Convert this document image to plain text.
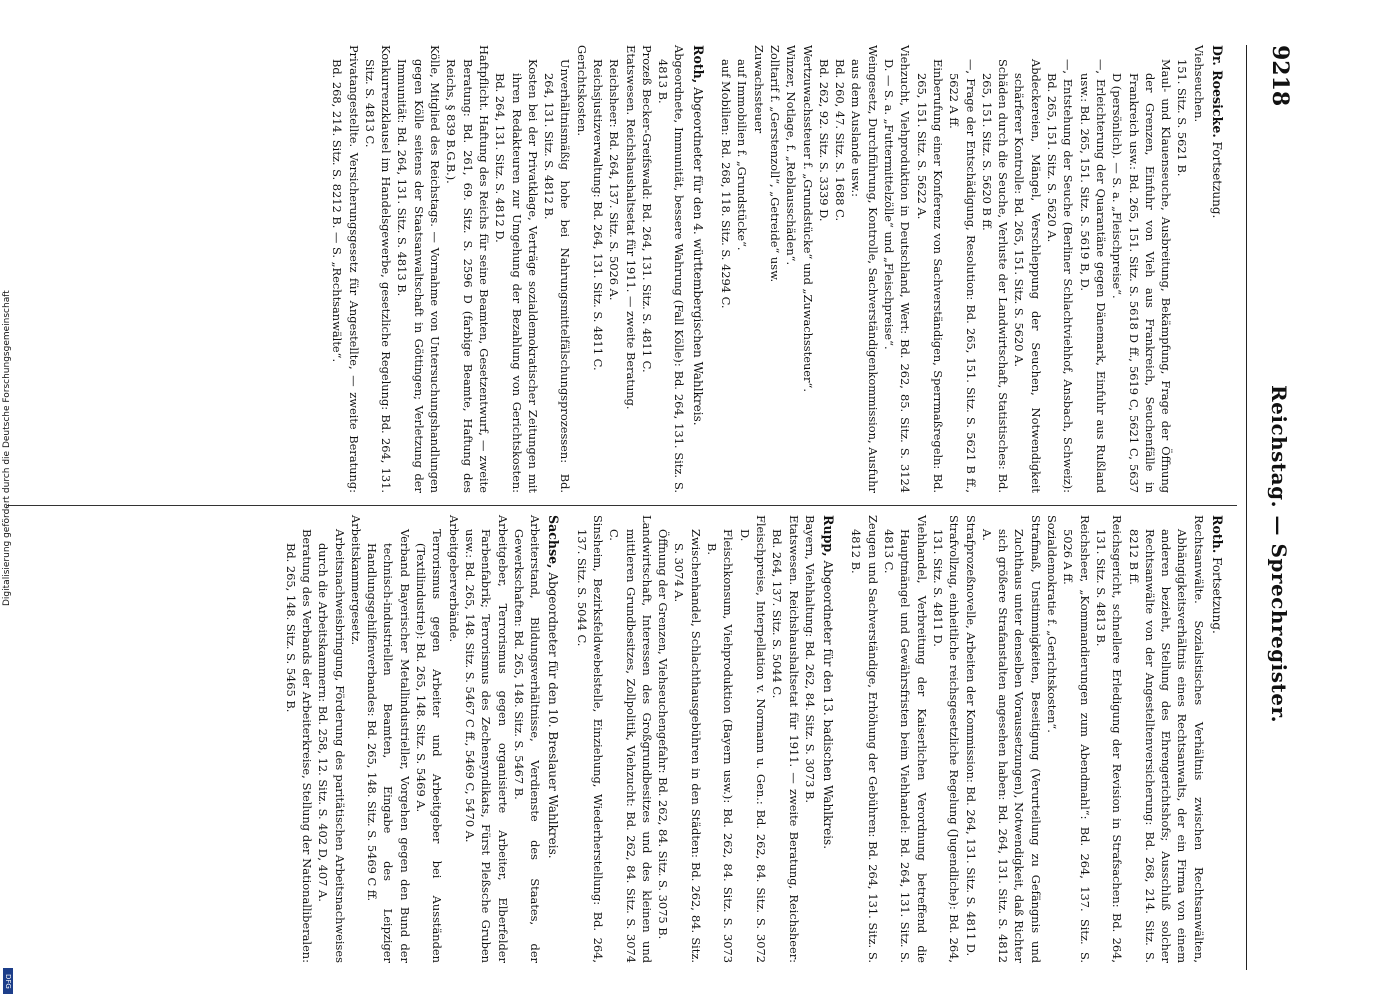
9218
Reichstag. — Sprechregister.

Dr. Roesicke. Fortsetzung.

Viehseuchen.

151. Sitz. S. 5621 B.

Maul- und Klauenseuche, Ausbreitung, Bekämpfung, Frage der Öffnung der Grenzen, Einfuhr von Vieh aus Frankreich, Seuchenfälle in Frankreich usw.: Bd. 265, 151. Sitz. S. 5618 D ff., 5619 C, 5621 C, 5637 D (persönlich). — S. a. „Fleischpreise“.

—, Erleichterung der Quarantäne gegen Dänemark, Einfuhr aus Rußland usw.: Bd. 265, 151. Sitz. S. 5619 B, D.

—, Entstehung der Seuche (Berliner Schlachtviehhof, Ansbach, Schweiz): Bd. 265, 151. Sitz. S. 5620 A.

Abdeckereien, Mängel, Verschleppung der Seuchen, Notwendigkeit schärferer Kontrolle: Bd. 265, 151. Sitz. S. 5620 A.

Schäden durch die Seuche, Verluste der Landwirtschaft, Statistisches: Bd. 265, 151. Sitz. S. 5620 B ff.

—, Frage der Entschädigung, Resolution: Bd. 265, 151. Sitz. S. 5621 B ff., 5622 A ff.

Einberufung einer Konferenz von Sachverständigen, Sperrmaßregeln: Bd. 265, 151. Sitz. S. 5622 A.

Viehzucht, Viehproduktion in Deutschland, Wert: Bd. 262, 85. Sitz. S. 3124 D. — S. a. „Futtermittelzölle“ und „Fleischpreise“.

Weingesetz, Durchführung, Kontrolle, Sachverständigenkommission, Ausfuhr aus dem Auslande usw.:

Bd. 260, 47. Sitz. S. 1688 C.

Bd. 262, 92. Sitz. S. 3339 D.

Wertzuwachssteuer f. „Grundstücke“ und „Zuwachssteuer“.

Winzer, Notlage, f. „Reblausschäden“.

Zolltarif f. „Gerstenzoll“, „Getreide“ usw.

Zuwachssteuer

auf Immobilien f. „Grundstücke“.

auf Mobilien: Bd. 268, 118. Sitz. S. 4294 C.

Roth, Abgeordneter für den 4. württembergischen Wahlkreis.

Abgeordnete, Immunität, bessere Wahrung (Fall Kölle): Bd. 264, 131. Sitz. S. 4813 B.

Prozeß Becker-Greifswald: Bd. 264, 131. Sitz. S. 4811 C.

Etatswesen. Reichshaushaltsetat für 1911. — zweite Beratung.

Reichsheer: Bd. 264, 137. Sitz. S. 5026 A.

Reichsjustizverwaltung: Bd. 264, 131. Sitz. S. 4811 C.

Gerichtskosten.

Unverhältnismäßig hohe bei Nahrungsmittelfälschungsprozessen: Bd. 264, 131. Sitz. S. 4812 B.

Kosten bei der Privatklage, Verträge sozialdemokratischer Zeitungen mit ihren Redakteuren zur Umgehung der Bezahlung von Gerichtskosten: Bd. 264, 131. Sitz. S. 4812 D.

Haftpflicht. Haftung des Reichs für seine Beamten, Gesetzentwurf, — zweite Beratung: Bd. 261, 69. Sitz. S. 2596 D (farbige Beamte, Haftung des Reichs, § 839 B.G.B.).

Kölle, Mitglied des Reichstags. — Vornahme von Untersuchungshandlungen gegen Kölle seitens der Staatsanwaltschaft in Göttingen; Verletzung der Immunität: Bd. 264, 131. Sitz. S. 4813 B.

Konkurrenzklausel im Handelsgewerbe, gesetzliche Regelung: Bd. 264, 131. Sitz. S. 4813 C.

Privatangestellte. Versicherungsgesetz für Angestellte, — zweite Beratung: Bd. 268, 214. Sitz. S. 8212 B. — S. „Rechtsanwälte“.

Roth. Fortsetzung.

Rechtsanwälte. Sozialistisches Verhältnis zwischen Rechtsanwälten, Abhängigkeitsverhältnis eines Rechtsanwalts, der ein Firma von einem anderen bezieht, Stellung des Ehrengerichtshofs; Ausschluß solcher Rechtsanwälte von der Angestelltenversicherung: Bd. 268, 214. Sitz. S. 8212 B ff.

Reichsgericht, schnellere Erledigung der Revision in Strafsachen: Bd. 264, 131. Sitz. S. 4813 B.

Reichsheer, „Kommandierungen zum Abendmahl“: Bd. 264, 137. Sitz. S. 5026 A ff.

Sozialdemokratie f. „Gerichtskosten“.

Strafmaß, Unstimmigkeiten, Beseitigung (Verurteilung zu Gefängnis und Zuchthaus unter denselben Voraussetzungen), Notwendigkeit, daß Richter sich größere Strafanstalten angesehen haben: Bd. 264, 131. Sitz. S. 4812 A.

Strafprozeßnovelle, Arbeiten der Kommission: Bd. 264, 131. Sitz. S. 4811 D.

Strafvollzug, einheitliche reichsgesetzliche Regelung (Jugendliche): Bd. 264, 131. Sitz. S. 4811 D.

Viehhandel, Verbreitung der Kaiserlichen Verordnung betreffend die Hauptmängel und Gewährsfristen beim Viehhandel: Bd. 264, 131. Sitz. S. 4813 C.

Zeugen und Sachverständige, Erhöhung der Gebühren: Bd. 264, 131. Sitz. S. 4812 B.

Rupp, Abgeordneter für den 13. badischen Wahlkreis.

Bayern, Viehhaltung: Bd. 262, 84. Sitz. S. 3073 B.

Etatswesen. Reichshaushaltsetat für 1911. — zweite Beratung, Reichsheer: Bd. 264, 137. Sitz. S. 5044 C.

Fleischpreise, Interpellation v. Normann u. Gen.: Bd. 262, 84. Sitz. S. 3072 D.

Fleischkonsum, Viehproduktion (Bayern usw.): Bd. 262, 84. Sitz. S. 3073 B.

Zwischenhandel, Schlachthausgebühren in den Städten: Bd. 262, 84. Sitz. S. 3074 A.

Öffnung der Grenzen, Viehseuchengefahr: Bd. 262, 84. Sitz. S. 3075 B.

Landwirtschaft, Interessen des Großgrundbesitzes und des kleinen und mittleren Grundbesitzes, Zollpolitik, Viehzucht: Bd. 262, 84. Sitz. S. 3074 C.

Sinsheim, Bezirksfeldwebelstelle, Einziehung, Wiederherstellung: Bd. 264, 137. Sitz. S. 5044 C.

Sachse, Abgeordneter für den 10. Breslauer Wahlkreis.

Arbeiterstand, Bildungsverhältnisse, Verdienste des Staates, der Gewerkschaften: Bd. 265, 148. Sitz. S. 5467 B.

Arbeitgeber, Terrorismus gegen organisierte Arbeiter, Elberfelder Farbenfabrik; Terrorismus des Zechensyndikats, Fürst Pleßsche Gruben usw.: Bd. 265, 148. Sitz. S. 5467 C ff., 5469 C, 5470 A.

Arbeitgeberverbände.

Terrorismus gegen Arbeiter und Arbeitgeber bei Ausständen (Textilindustrie): Bd. 265, 148. Sitz. S. 5469 A.

Verband Bayerischer Metallindustrieller, Vorgehen gegen den Bund der technisch-industriellen Beamten, Eingabe des Leipziger Handlungsgehilfenverbandes: Bd. 265, 148. Sitz. S. 5469 C ff.

Arbeitskammergesetz.

Arbeitsnachweisbringung, Förderung des paritätischen Arbeitsnachweises durch die Arbeitskammern: Bd. 258, 12. Sitz. S. 402 D, 407 A.

Beratung des Verbands der Arbeiterkreise, Stellung der Nationalliberalen: Bd. 265, 148. Sitz. S. 5465 B.

Digitalisierung gefördert durch die Deutsche Forschungsgemeinschaft
DFG
